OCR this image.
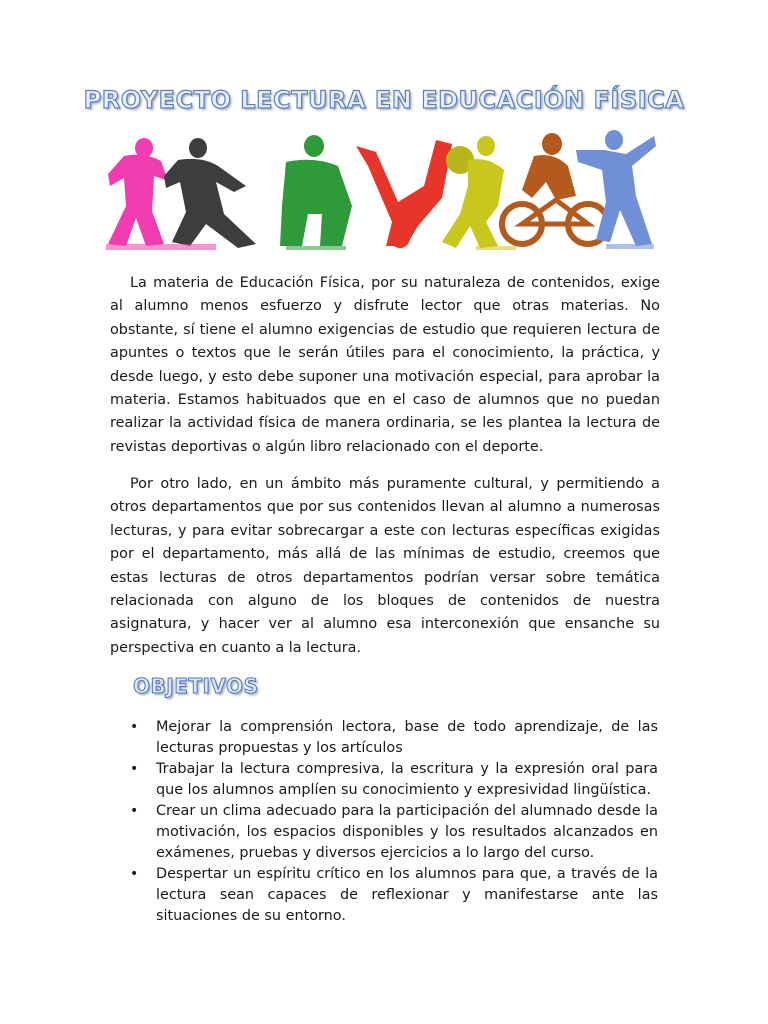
PROYECTO LECTURA EN EDUCACIÓN FÍSICA

La materia de Educación Física, por su naturaleza de contenidos, exige al alumno menos esfuerzo y disfrute lector que otras materias. No obstante, sí tiene el alumno exigencias de estudio que requieren lectura de apuntes o textos que le serán útiles para el conocimiento, la práctica, y desde luego, y esto debe suponer una motivación especial, para aprobar la materia. Estamos habituados que en el caso de alumnos que no puedan realizar la actividad física de manera ordinaria, se les plantea la lectura de revistas deportivas o algún libro relacionado con el deporte.

Por otro lado, en un ámbito más puramente cultural, y permitiendo a otros departamentos que por sus contenidos llevan al alumno a numerosas lecturas, y para evitar sobrecargar a este con lecturas específicas exigidas por el departamento, más allá de las mínimas de estudio, creemos que estas lecturas de otros departamentos podrían versar sobre temática relacionada con alguno de los bloques de contenidos de nuestra asignatura, y hacer ver al alumno esa interconexión que ensanche su perspectiva en cuanto a la lectura.

OBJETIVOS
• Mejorar la comprensión lectora, base de todo aprendizaje, de las lecturas propuestas y los artículos
• Trabajar la lectura compresiva, la escritura y la expresión oral para que los alumnos amplíen su conocimiento y expresividad lingüística.
• Crear un clima adecuado para la participación del alumnado desde la motivación, los espacios disponibles y los resultados alcanzados en exámenes, pruebas y diversos ejercicios a lo largo del curso.
• Despertar un espíritu crítico en los alumnos para que, a través de la lectura sean capaces de reflexionar y manifestarse ante las situaciones de su entorno.
